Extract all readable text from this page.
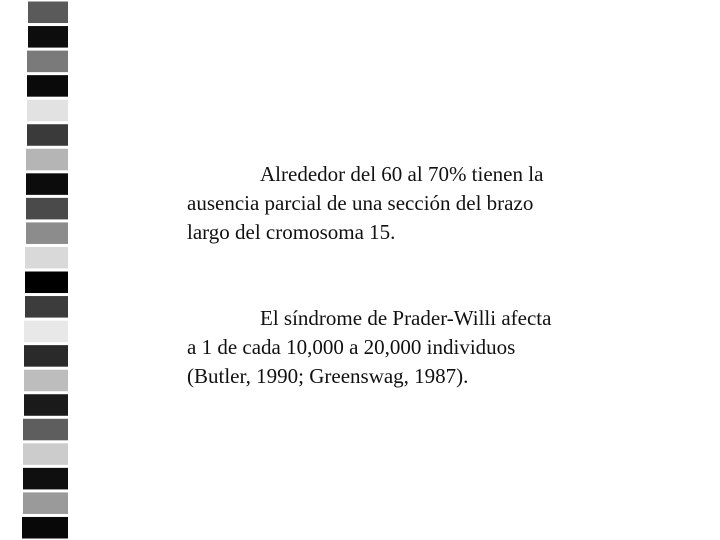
Alrededor del 60 al 70% tienen la
ausencia parcial de una sección del brazo
largo del cromosoma 15.

El síndrome de Prader-Willi afecta
a 1 de cada 10,000 a 20,000 individuos
(Butler, 1990; Greenswag, 1987).
